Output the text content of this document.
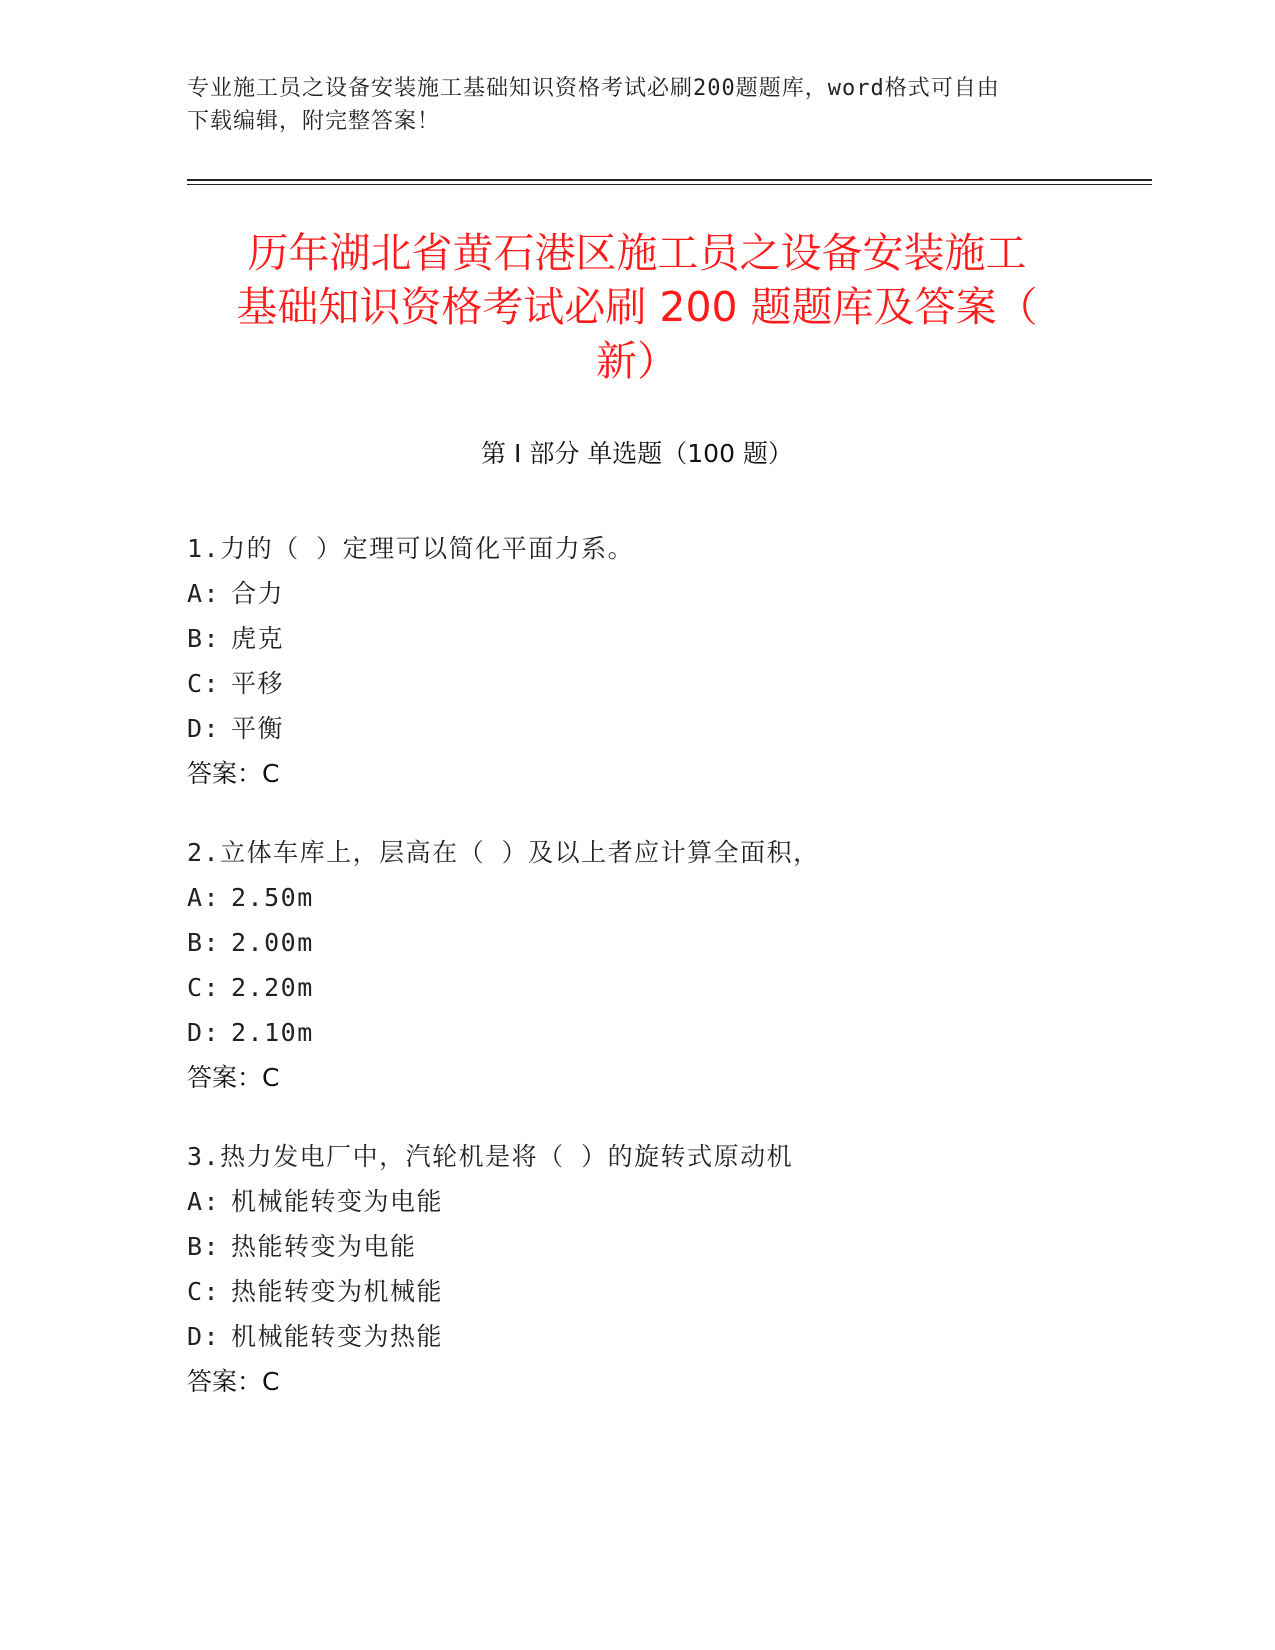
专业施工员之设备安装施工基础知识资格考试必刷200题题库，word格式可自由
下载编辑，附完整答案！
历年湖北省黄石港区施工员之设备安装施工
基础知识资格考试必刷 200 题题库及答案（
新）
第 I 部分 单选题（100 题）
1.力的（ ）定理可以简化平面力系。
A: 合力
B: 虎克
C: 平移
D: 平衡
答案：C
2.立体车库上，层高在（ ）及以上者应计算全面积，
A: 2.50m
B: 2.00m
C: 2.20m
D: 2.10m
答案：C
3.热力发电厂中，汽轮机是将（ ）的旋转式原动机
A: 机械能转变为电能
B: 热能转变为电能
C: 热能转变为机械能
D: 机械能转变为热能
答案：C
